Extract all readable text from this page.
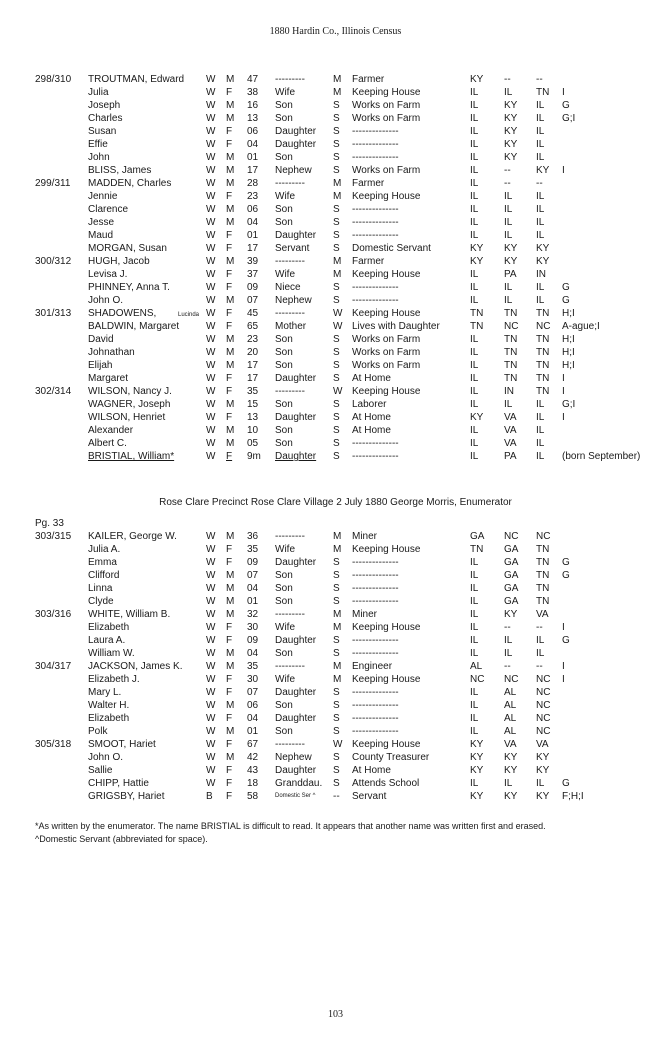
1880 Hardin Co., Illinois Census
298/310 TROUTMAN, Edward W M 47 ---------	M Farmer	KY --	--
Julia	W F 38 Wife	M Keeping House	IL	IL TN I
Joseph	W M 16 Son	S Works on Farm	IL	KY IL G
Charles	W M 13 Son	S Works on Farm	IL	KY IL G;I
Susan	W F 06 Daughter S --------------	IL	KY IL
Effie	W F 04 Daughter S --------------	IL	KY IL
John	W M 01 Son	S --------------	IL	KY IL
BLISS, James	W M 17 Nephew S Works on Farm	IL	--	KY I
299/311 MADDEN, Charles	W M 28 ---------	M Farmer	IL	--	--
Jennie	W F 23 Wife	M Keeping House	IL	IL IL
Clarence	W M 06 Son	S --------------	IL	IL IL
Jesse	W M 04 Son	S --------------	IL	IL IL
Maud	W F 01 Daughter S --------------	IL	IL IL
MORGAN, Susan	W F 17 Servant S Domestic Servant	KY KY KY
300/312 HUGH, Jacob	W M 39 ---------	M Farmer	KY KY KY
Levisa J.	W F 37 Wife	M Keeping House	IL	PA IN
PHINNEY, Anna T.	W F 09 Niece	S --------------	IL	IL IL G
John O.	W M 07 Nephew S --------------	IL	IL IL G
301/313 SHADOWENS,	Lucinda W F 45 ---------	W Keeping House	TN TN TN H;I
BALDWIN, Margaret	W F 65 Mother	W Lives with Daughter	TN NC NC A-ague;I
David	W M 23 Son	S Works on Farm	IL	TN TN H;I
Johnathan	W M 20 Son	S Works on Farm	IL	TN TN H;I
Elijah	W M 17 Son	S Works on Farm	IL	TN TN H;I
Margaret	W F 17 Daughter S At Home	IL	TN TN I
302/314 WILSON, Nancy J.	W F 35 ---------	W Keeping House	IL	IN TN I
WAGNER, Joseph	W M 15 Son	S Laborer	IL	IL IL G;I
WILSON, Henriet	W F 13 Daughter S At Home	KY VA IL I
Alexander	W M 10 Son	S At Home	IL	VA IL
Albert C.	W M 05 Son	S --------------	IL	VA IL
BRISTIAL, William*	W F 9m Daughter S --------------	IL	PA IL (born September)
Rose Clare Precinct Rose Clare Village 2 July 1880 George Morris, Enumerator
Pg. 33
303/315 KAILER, George W.	W M 36 ---------	M Miner	GA NC NC
Julia A.	W F 35 Wife	M Keeping House	TN GA TN
Emma	W F 09 Daughter S --------------	IL	GA TN G
Clifford	W M 07 Son	S --------------	IL	GA TN G
Linna	W M 04 Son	S --------------	IL	GA TN
Clyde	W M 01 Son	S --------------	IL	GA TN
303/316 WHITE, William B.	W M 32 ---------	M Miner	IL	KY VA
Elizabeth	W F 30 Wife	M Keeping House	IL	--	-- I
Laura A.	W F 09 Daughter S --------------	IL	IL IL G
William W.	W M 04 Son	S --------------	IL	IL IL
304/317 JACKSON, James K. W M 35 ---------	M Engineer	AL --	-- I
Elizabeth J.	W F 30 Wife	M Keeping House	NC NC NC I
Mary L.	W F 07 Daughter S --------------	IL	AL NC
Walter H.	W M 06 Son	S --------------	IL	AL NC
Elizabeth	W F 04 Daughter S --------------	IL	AL NC
Polk	W M 01 Son	S --------------	IL	AL NC
305/318 SMOOT, Hariet	W F 67 ---------	W Keeping House	KY VA VA
John O.	W M 42 Nephew S County Treasurer	KY KY KY
Sallie	W F 43 Daughter S At Home	KY KY KY
CHIPP, Hattie	W F 18 Granddau. S Attends School	IL	IL IL G
GRIGSBY, Hariet	B F 58	Domestic Ser ^ -- Servant	KY KY KY F;H;I
*As written by the enumerator. The name BRISTIAL is difficult to read. It appears that another name was written first and erased.
^Domestic Servant (abbreviated for space).
103
